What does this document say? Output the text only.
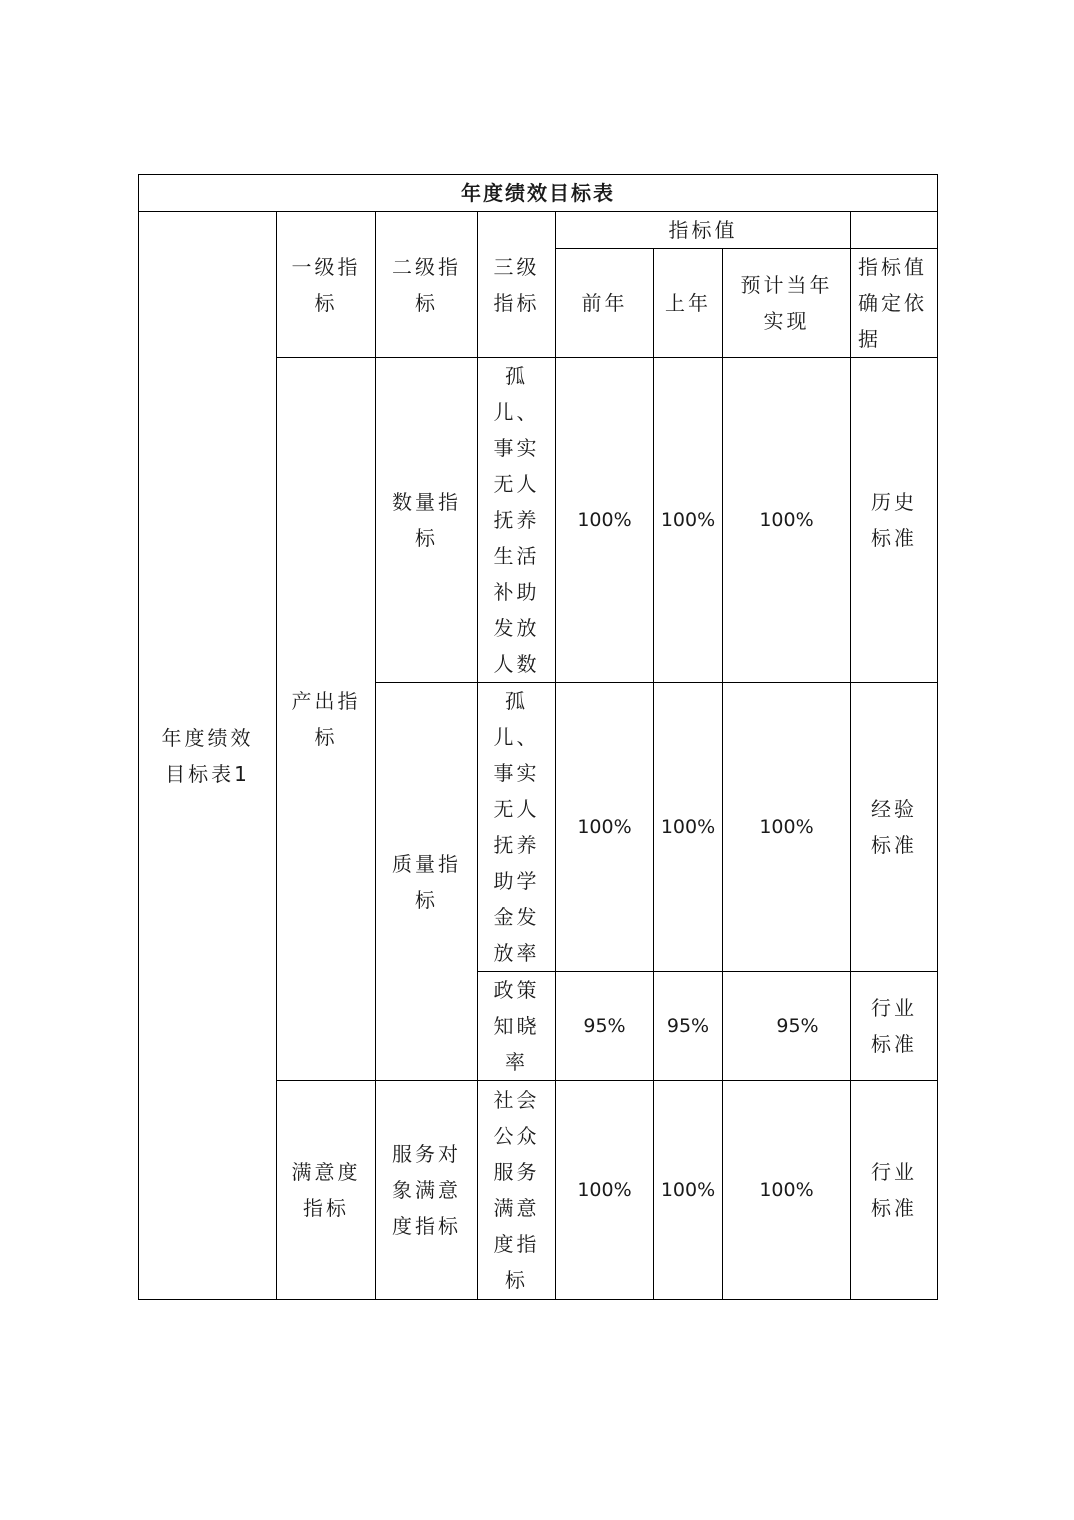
年度绩效目标表							

年度绩效目标表1	一级指标	二级指标	三级指标	指标值			
				前年	上年	预计当年实现	指标值确定依据

	产出指标	数量指标	孤儿、事实无人抚养生活补助发放人数	100%	100%	100%	历史标准

		质量指标	孤儿、事实无人抚养助学金发放率	100%	100%	100%	经验标准

			政策知晓率	95%	95%	95%	行业标准

	满意度指标	服务对象满意度指标	社会公众服务满意度指标	100%	100%	100%	行业标准
